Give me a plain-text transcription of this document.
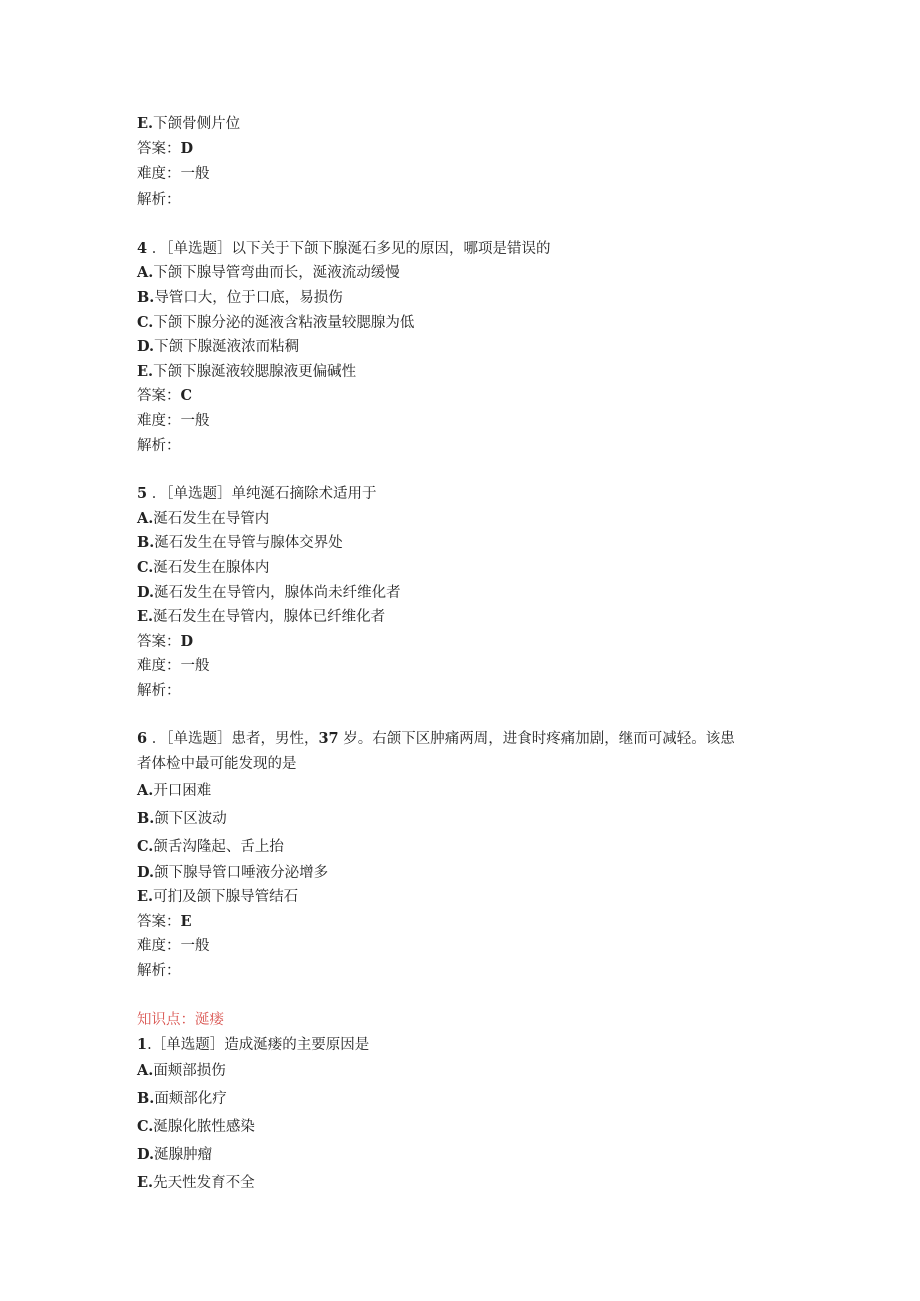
E.下颌骨侧片位
答案：D
难度：一般
解析：
4 ．［单选题］以下关于下颌下腺涎石多见的原因，哪项是错误的
A.下颌下腺导管弯曲而长，涎液流动缓慢
B.导管口大，位于口底，易损伤
C.下颌下腺分泌的涎液含粘液量较腮腺为低
D.下颌下腺涎液浓而粘稠
E.下颌下腺涎液较腮腺液更偏碱性
答案：C
难度：一般
解析：
5 ．［单选题］单纯涎石摘除术适用于
A.涎石发生在导管内
B.涎石发生在导管与腺体交界处
C.涎石发生在腺体内
D.涎石发生在导管内，腺体尚未纤维化者
E.涎石发生在导管内，腺体已纤维化者
答案：D
难度：一般
解析：
6 ．［单选题］患者，男性，37 岁。右颌下区肿痛两周，进食时疼痛加剧，继而可减轻。该患
者体检中最可能发现的是
A.开口困难
B.颌下区波动
C.颌舌沟隆起、舌上抬
D.颌下腺导管口唾液分泌增多
E.可扪及颌下腺导管结石
答案：E
难度：一般
解析：
知识点：涎瘘
1.［单选题］造成涎瘘的主要原因是
A.面颊部损伤
B.面颊部化疗
C.涎腺化脓性感染
D.涎腺肿瘤
E.先天性发育不全
